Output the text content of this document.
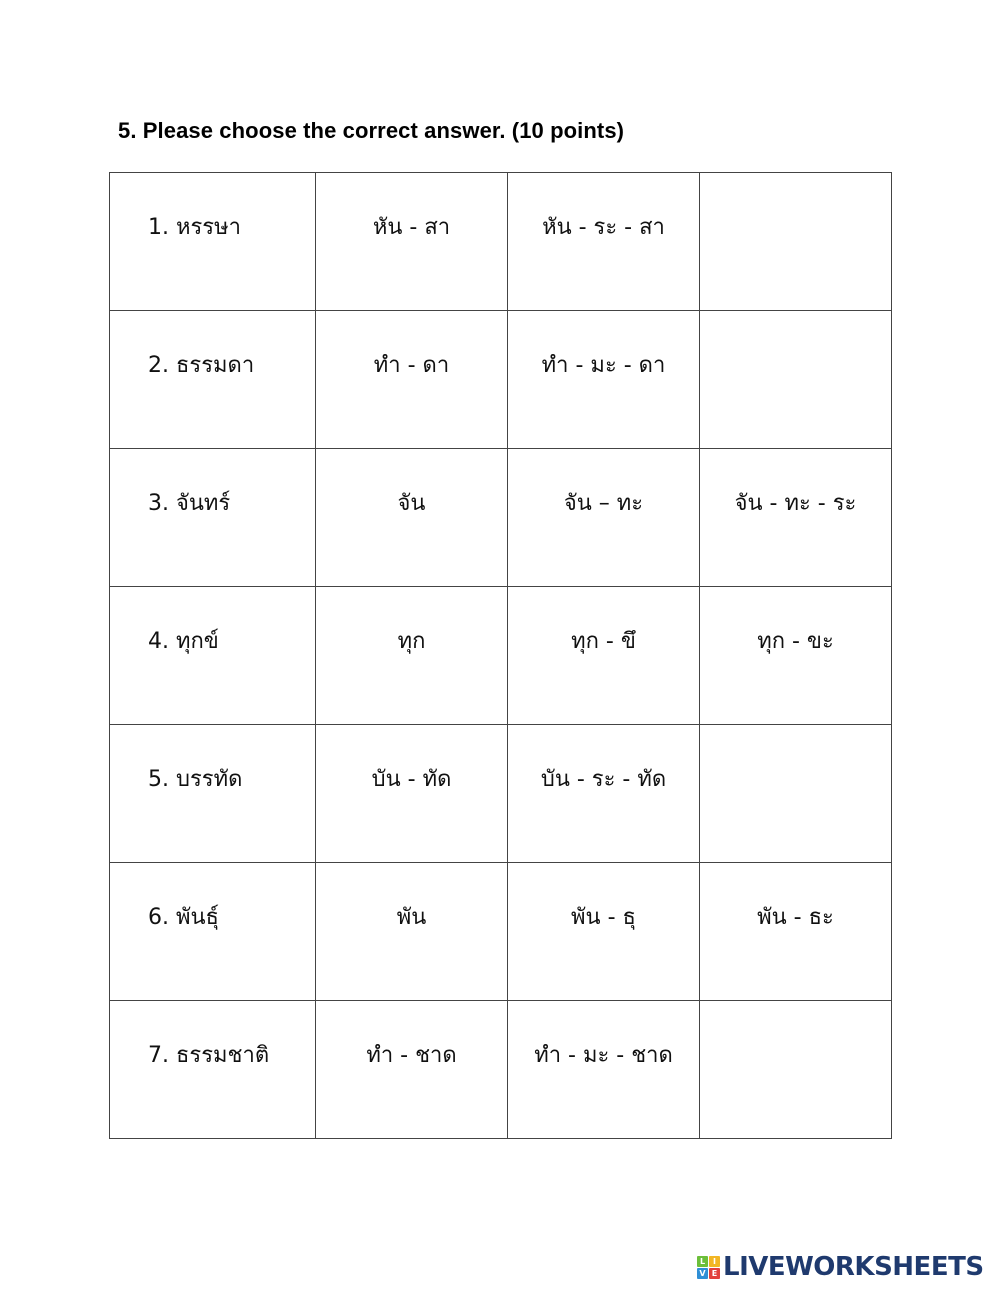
5. Please choose the correct answer. (10 points)
1. หรรษา	หัน - สา	หัน - ระ - สา	

2. ธรรมดา	ทำ - ดา	ทำ - มะ - ดา	

3. จันทร์	จัน	จัน – ทะ	จัน - ทะ - ระ

4. ทุกข์	ทุก	ทุก - ขึ	ทุก - ขะ

5. บรรทัด	บัน - ทัด	บัน - ระ - ทัด	

6. พันธุ์	พัน	พัน - ธุ	พัน - ธะ

7. ธรรมชาติ	ทำ - ชาด	ทำ - มะ - ชาด	

L I
V E LIVEWORKSHEETS
